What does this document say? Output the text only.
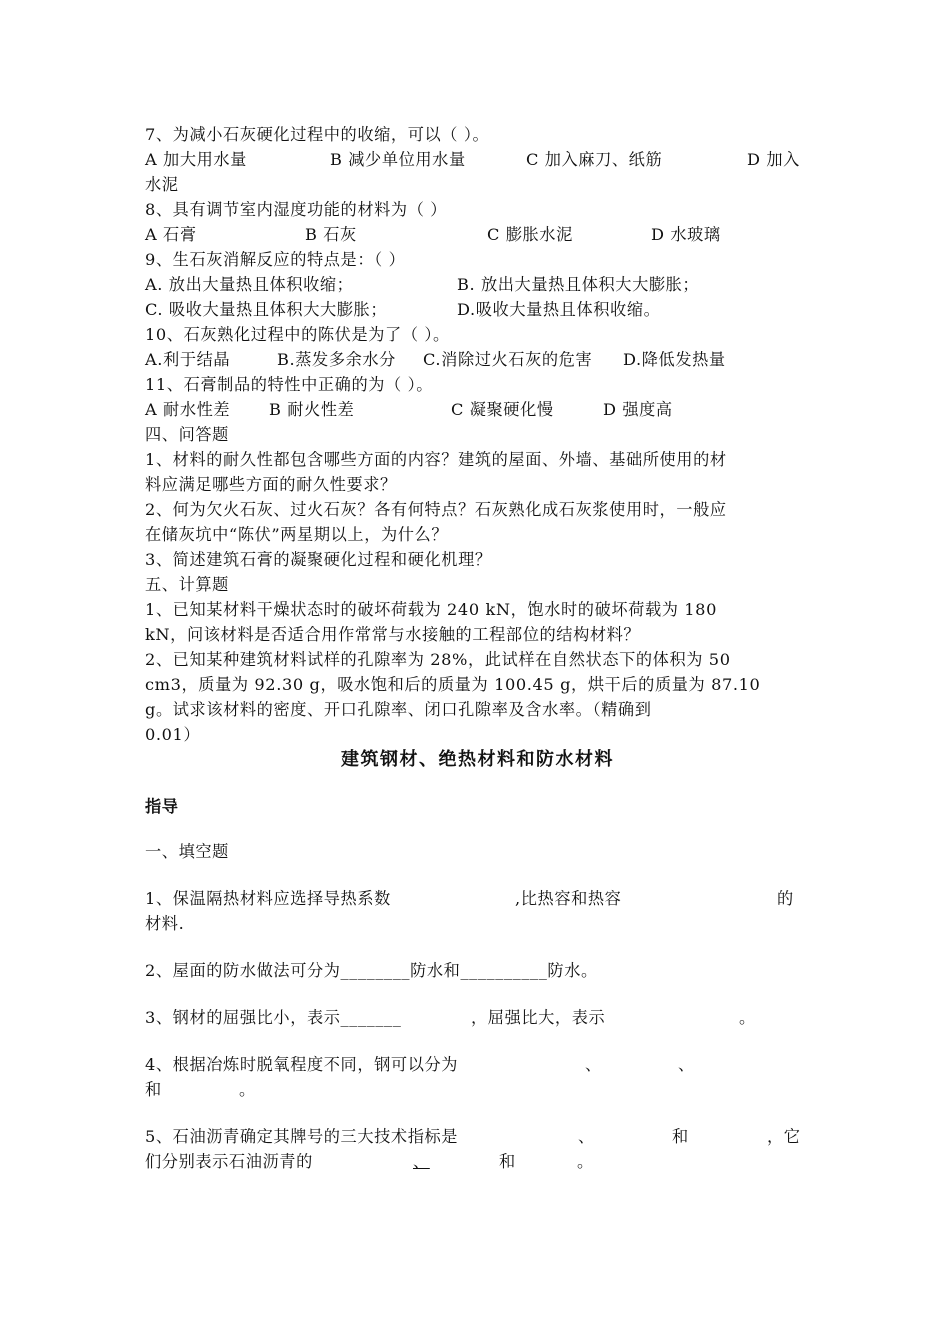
7、为减小石灰硬化过程中的收缩，可以（ ）。
A 加大用水量	B 减少单位用水量	C 加入麻刀、纸筋	D 加入
水泥
8、具有调节室内湿度功能的材料为（ ）
A 石膏	B 石灰	C 膨胀水泥	D 水玻璃
9、生石灰消解反应的特点是：（ ）
A. 放出大量热且体积收缩；	B. 放出大量热且体积大大膨胀；
C. 吸收大量热且体积大大膨胀；	D.吸收大量热且体积收缩。
10、石灰熟化过程中的陈伏是为了（ ）。
A.利于结晶	B.蒸发多余水分	C.消除过火石灰的危害	D.降低发热量
11、石膏制品的特性中正确的为（ ）。
A 耐水性差	B 耐火性差	C 凝聚硬化慢	D 强度高
四、问答题
1、材料的耐久性都包含哪些方面的内容？建筑的屋面、外墙、基础所使用的材
料应满足哪些方面的耐久性要求？
2、何为欠火石灰、过火石灰？各有何特点？石灰熟化成石灰浆使用时，一般应
在储灰坑中“陈伏”两星期以上，为什么？
3、简述建筑石膏的凝聚硬化过程和硬化机理？
五、计算题
1、已知某材料干燥状态时的破坏荷载为 240 kN，饱水时的破坏荷载为 180
kN，问该材料是否适合用作常常与水接触的工程部位的结构材料？
2、已知某种建筑材料试样的孔隙率为 28%，此试样在自然状态下的体积为 50
cm3，质量为 92.30 g，吸水饱和后的质量为 100.45 g，烘干后的质量为 87.10
g。试求该材料的密度、开口孔隙率、闭口孔隙率及含水率。（精确到
0.01）
建筑钢材、绝热材料和防水材料
指导
一、填空题
1、保温隔热材料应选择导热系数	,比热容和热容	的
材料.
2、屋面的防水做法可分为________防水和__________防水。
3、钢材的屈强比小，表示_______	，屈强比大，表示	。
4、根据冶炼时脱氧程度不同，钢可以分为	、	、
和	。
5、石油沥青确定其牌号的三大技术指标是	、	和	，它
们分别表示石油沥青的	、	和	。
